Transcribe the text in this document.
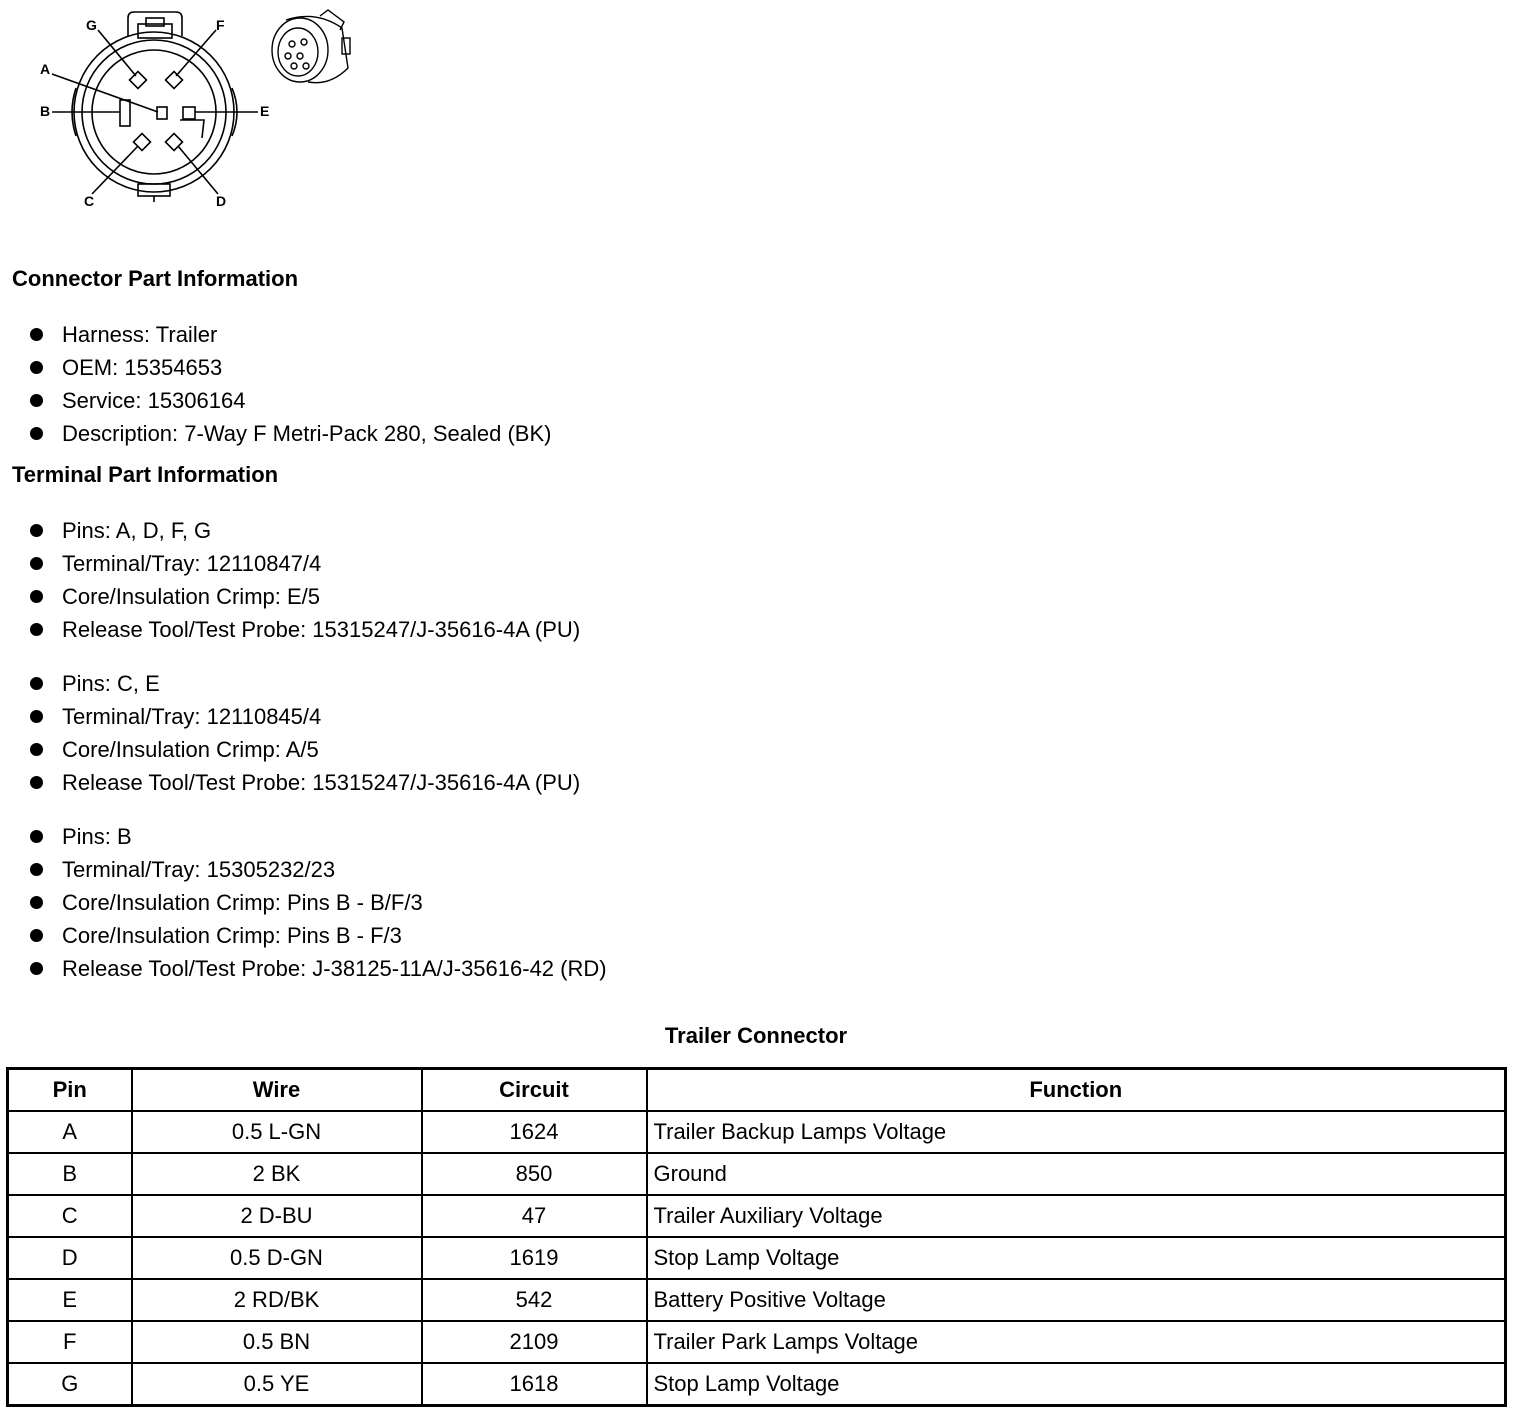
G	F
A
B	E
C	D
Connector Part Information
Harness: Trailer
OEM: 15354653
Service: 15306164
Description: 7-Way F Metri-Pack 280, Sealed (BK)
Terminal Part Information
Pins: A, D, F, G
Terminal/Tray: 12110847/4
Core/Insulation Crimp: E/5
Release Tool/Test Probe: 15315247/J-35616-4A (PU)
Pins: C, E
Terminal/Tray: 12110845/4
Core/Insulation Crimp: A/5
Release Tool/Test Probe: 15315247/J-35616-4A (PU)
Pins: B
Terminal/Tray: 15305232/23
Core/Insulation Crimp: Pins B - B/F/3
Core/Insulation Crimp: Pins B - F/3
Release Tool/Test Probe: J-38125-11A/J-35616-42 (RD)
Trailer Connector
Pin	Wire	Circuit	Function
A	0.5 L-GN	1624	Trailer Backup Lamps Voltage
B	2 BK	850	Ground
C	2 D-BU	47	Trailer Auxiliary Voltage
D	0.5 D-GN	1619	Stop Lamp Voltage
E	2 RD/BK	542	Battery Positive Voltage
F	0.5 BN	2109	Trailer Park Lamps Voltage
G	0.5 YE	1618	Stop Lamp Voltage
